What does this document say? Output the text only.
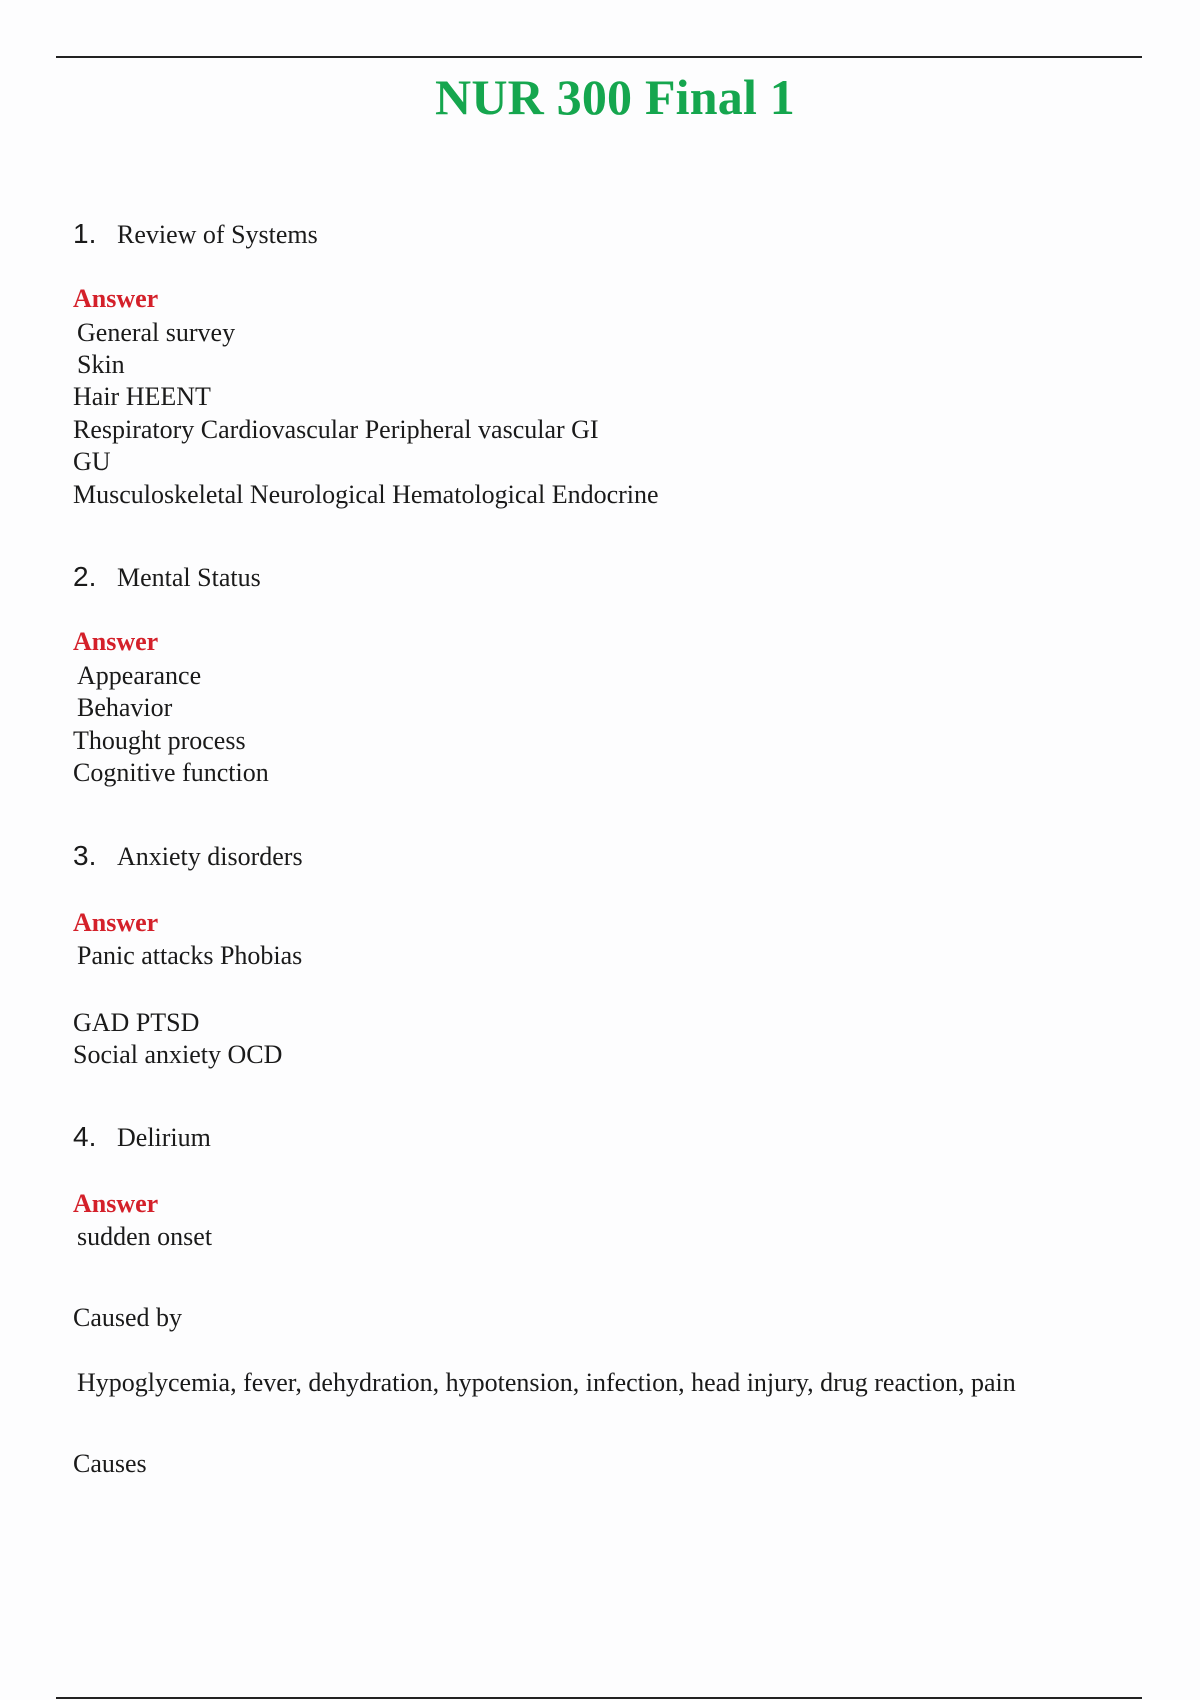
NUR 300 Final 1
1. Review of Systems
Answer
General survey
Skin
Hair HEENT
Respiratory Cardiovascular Peripheral vascular GI
GU
Musculoskeletal Neurological Hematological Endocrine
2. Mental Status
Answer
Appearance
Behavior
Thought process
Cognitive function
3. Anxiety disorders
Answer
Panic attacks Phobias
GAD PTSD
Social anxiety OCD
4. Delirium
Answer
sudden onset
Caused by
Hypoglycemia, fever, dehydration, hypotension, infection, head injury, drug reaction, pain
Causes
